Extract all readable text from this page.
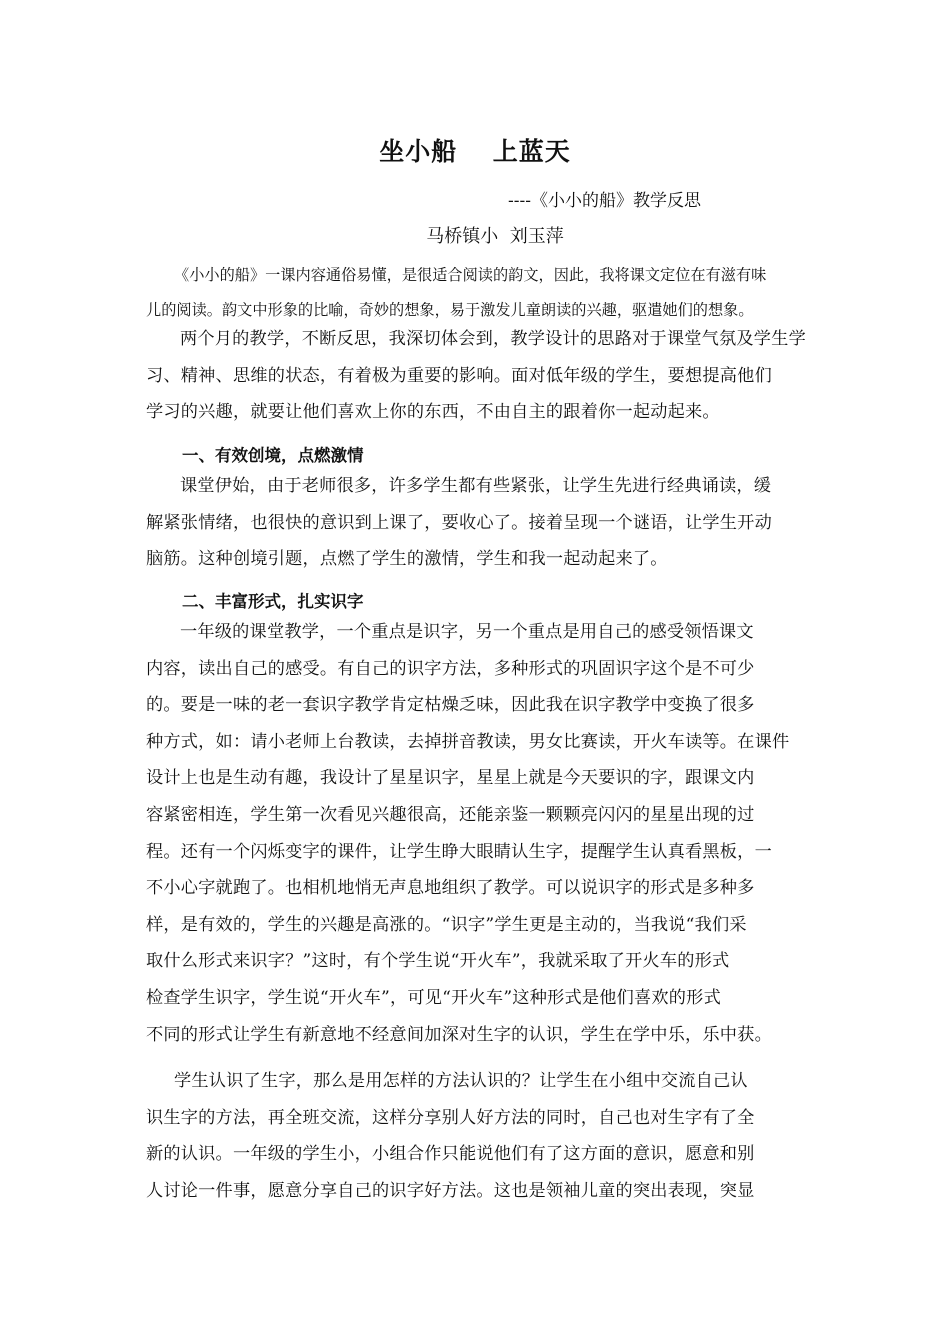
坐小船  上蓝天
----《小小的船》教学反思
马桥镇小  刘玉萍

《小小的船》一课内容通俗易懂，是很适合阅读的韵文，因此，我将课文定位在有滋有味

儿的阅读。韵文中形象的比喻，奇妙的想象，易于激发儿童朗读的兴趣，驱遣她们的想象。

两个月的教学，不断反思，我深切体会到，教学设计的思路对于课堂气氛及学生学

习、精神、思维的状态，有着极为重要的影响。面对低年级的学生，要想提高他们

学习的兴趣，就要让他们喜欢上你的东西，不由自主的跟着你一起动起来。

一、有效创境，点燃激情

课堂伊始，由于老师很多，许多学生都有些紧张，让学生先进行经典诵读，缓

解紧张情绪，也很快的意识到上课了，要收心了。接着呈现一个谜语，让学生开动

脑筋。这种创境引题，点燃了学生的激情，学生和我一起动起来了。

二、丰富形式，扎实识字

一年级的课堂教学，一个重点是识字，另一个重点是用自己的感受领悟课文

内容，读出自己的感受。有自己的识字方法，多种形式的巩固识字这个是不可少

的。要是一味的老一套识字教学肯定枯燥乏味，因此我在识字教学中变换了很多

种方式，如：请小老师上台教读，去掉拼音教读，男女比赛读，开火车读等。在课件

设计上也是生动有趣，我设计了星星识字，星星上就是今天要识的字，跟课文内

容紧密相连，学生第一次看见兴趣很高，还能亲鉴一颗颗亮闪闪的星星出现的过

程。还有一个闪烁变字的课件，让学生睁大眼睛认生字，提醒学生认真看黑板，一

不小心字就跑了。也相机地悄无声息地组织了教学。可以说识字的形式是多种多

样，是有效的，学生的兴趣是高涨的。“识字”学生更是主动的，当我说“我们采

取什么形式来识字？”这时，有个学生说“开火车”，我就采取了开火车的形式

检查学生识字，学生说“开火车”，可见“开火车”这种形式是他们喜欢的形式

不同的形式让学生有新意地不经意间加深对生字的认识，学生在学中乐，乐中获。

学生认识了生字，那么是用怎样的方法认识的？让学生在小组中交流自己认

识生字的方法，再全班交流，这样分享别人好方法的同时，自己也对生字有了全

新的认识。一年级的学生小，小组合作只能说他们有了这方面的意识，愿意和别

人讨论一件事，愿意分享自己的识字好方法。这也是领袖儿童的突出表现，突显
